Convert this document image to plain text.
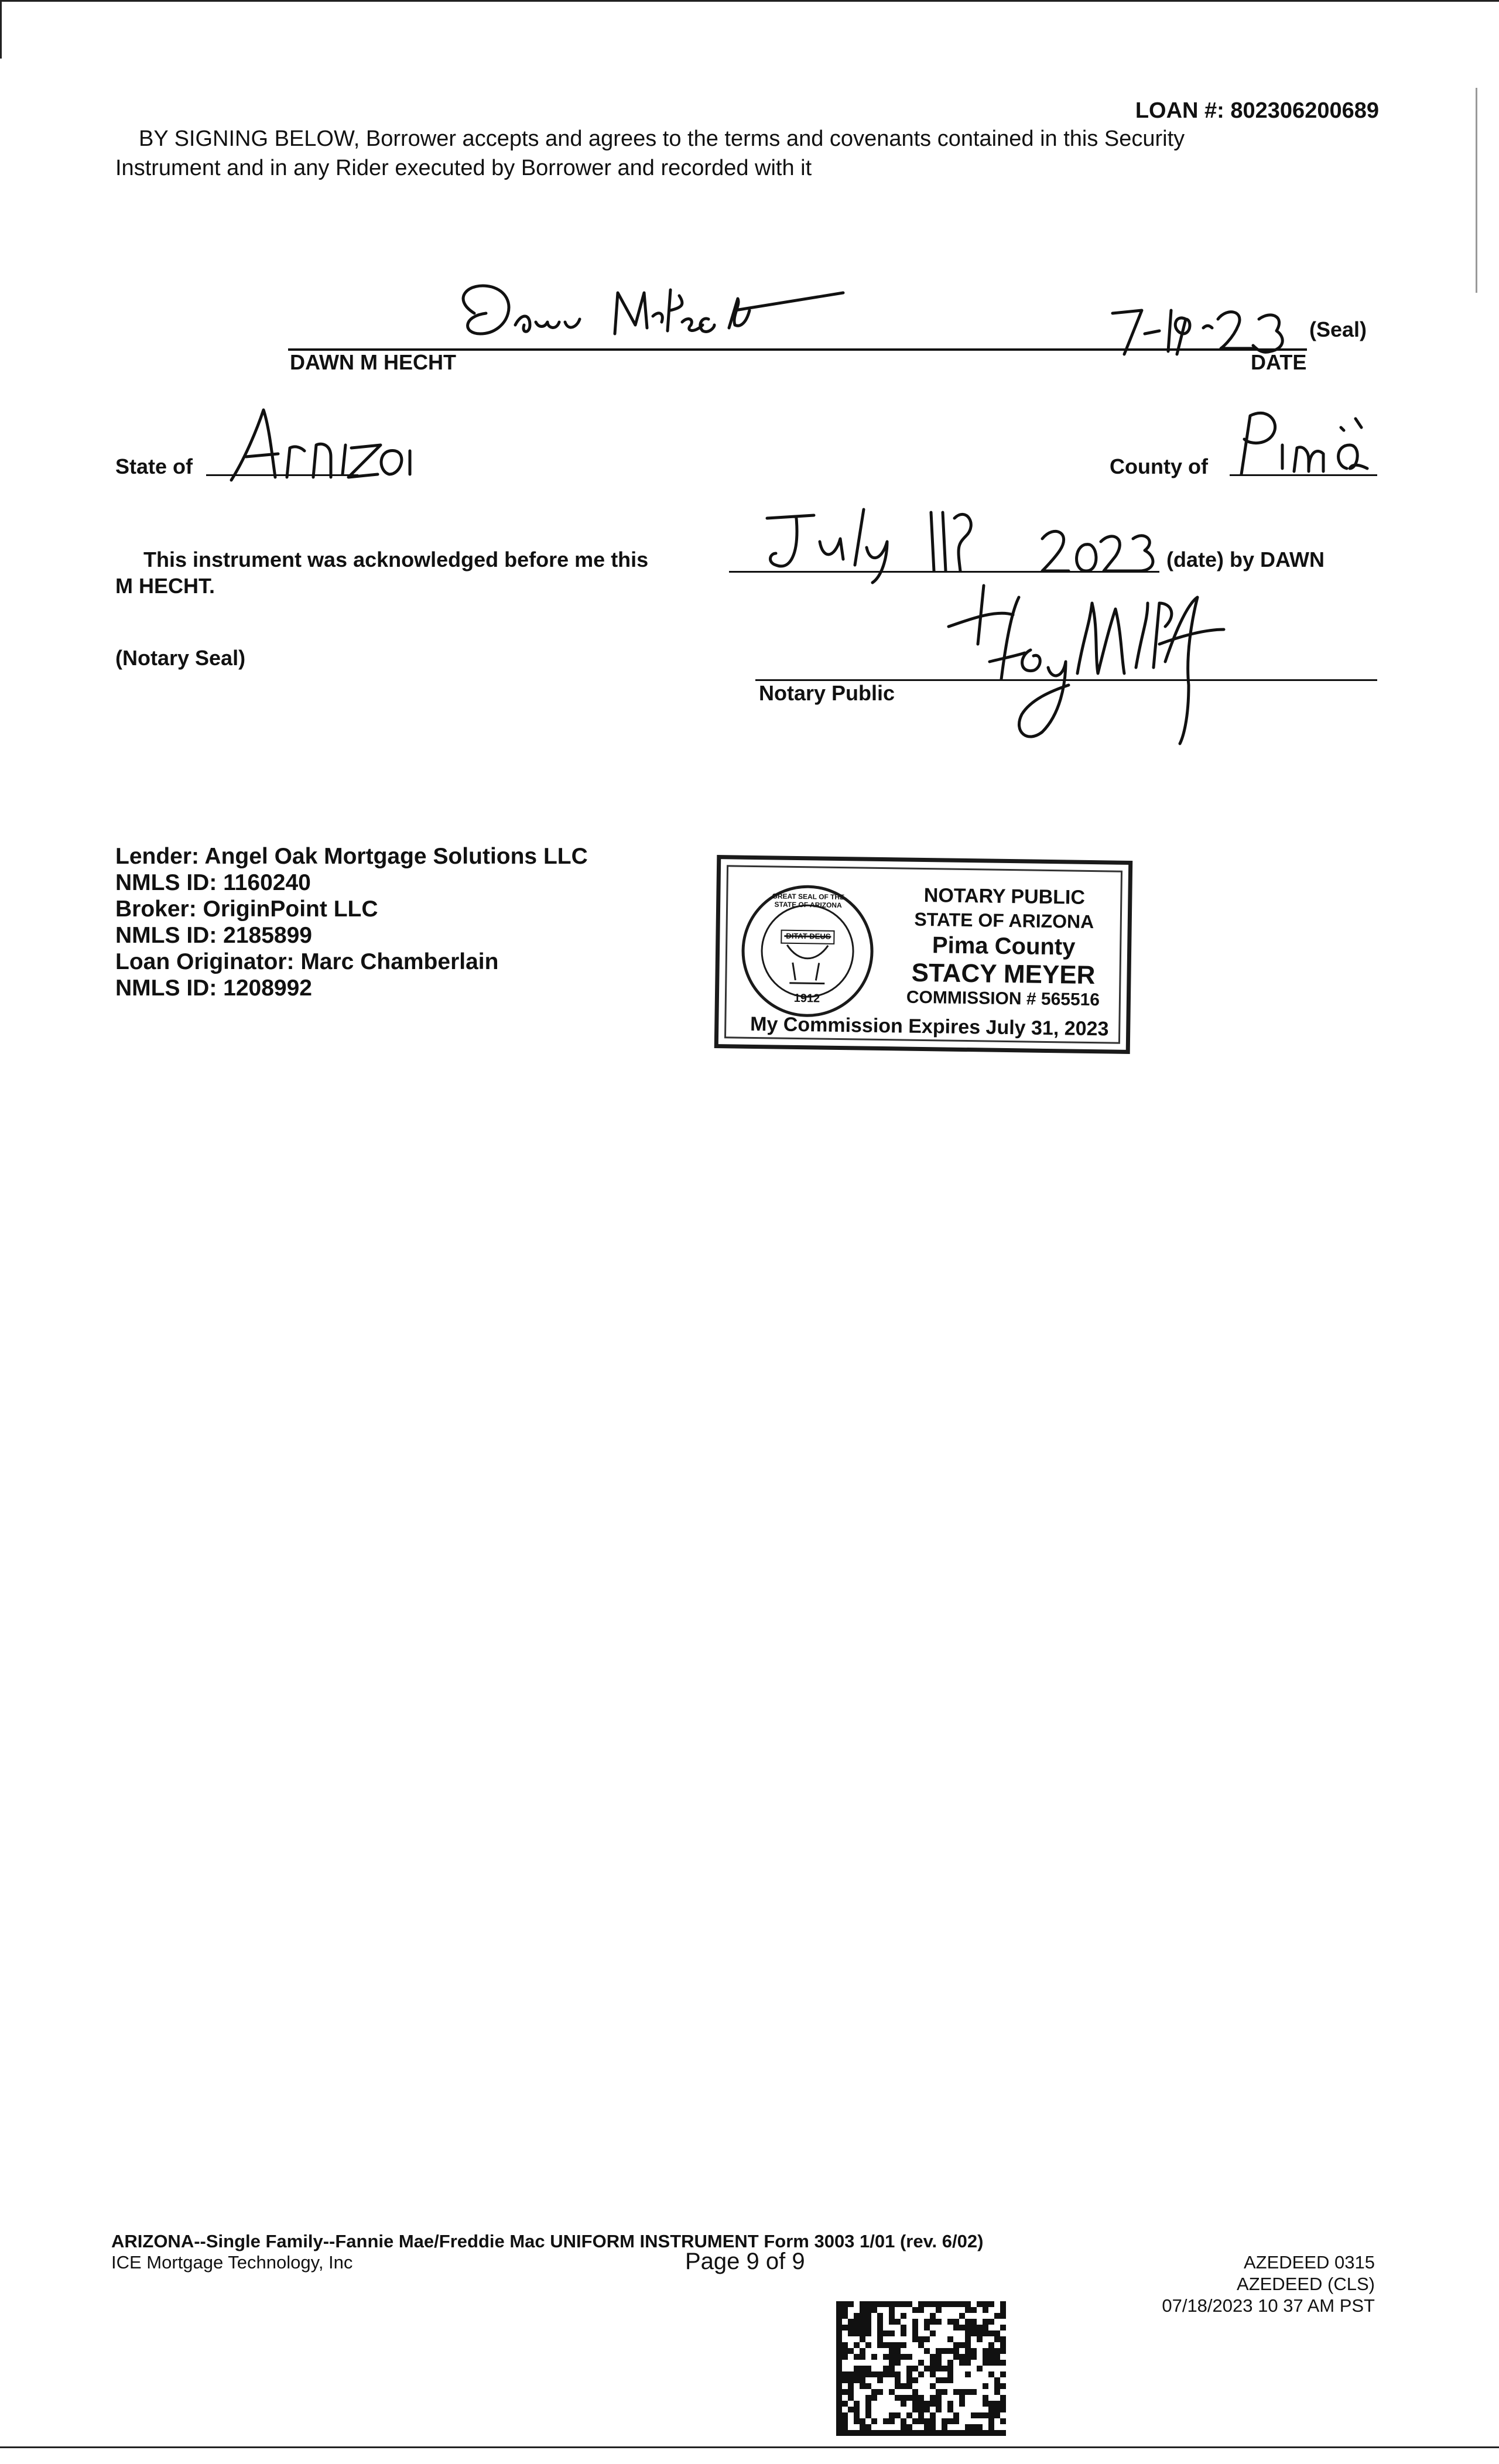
LOAN #: 802306200689
BY SIGNING BELOW, Borrower accepts and agrees to the terms and covenants contained in this Security
Instrument and in any Rider executed by Borrower and recorded with it
(Seal)
DAWN M HECHT	DATE
State of	County of
This instrument was acknowledged before me this	(date) by DAWN
M HECHT.
(Notary Seal)
Notary Public
Lender: Angel Oak Mortgage Solutions LLC
NMLS ID: 1160240
Broker: OriginPoint LLC
NMLS ID: 2185899
Loan Originator: Marc Chamberlain
NMLS ID: 1208992
DITAT DEUS
1912
GREAT SEAL OF THE STATE OF ARIZONA	NOTARY PUBLIC
STATE OF ARIZONA
Pima County
STACY MEYER
COMMISSION # 565516
My Commission Expires July 31, 2023
ARIZONA--Single Family--Fannie Mae/Freddie Mac UNIFORM INSTRUMENT Form 3003 1/01 (rev. 6/02)
ICE Mortgage Technology, Inc	Page 9 of 9	AZEDEED 0315
AZEDEED (CLS)
07/18/2023 10 37 AM PST
